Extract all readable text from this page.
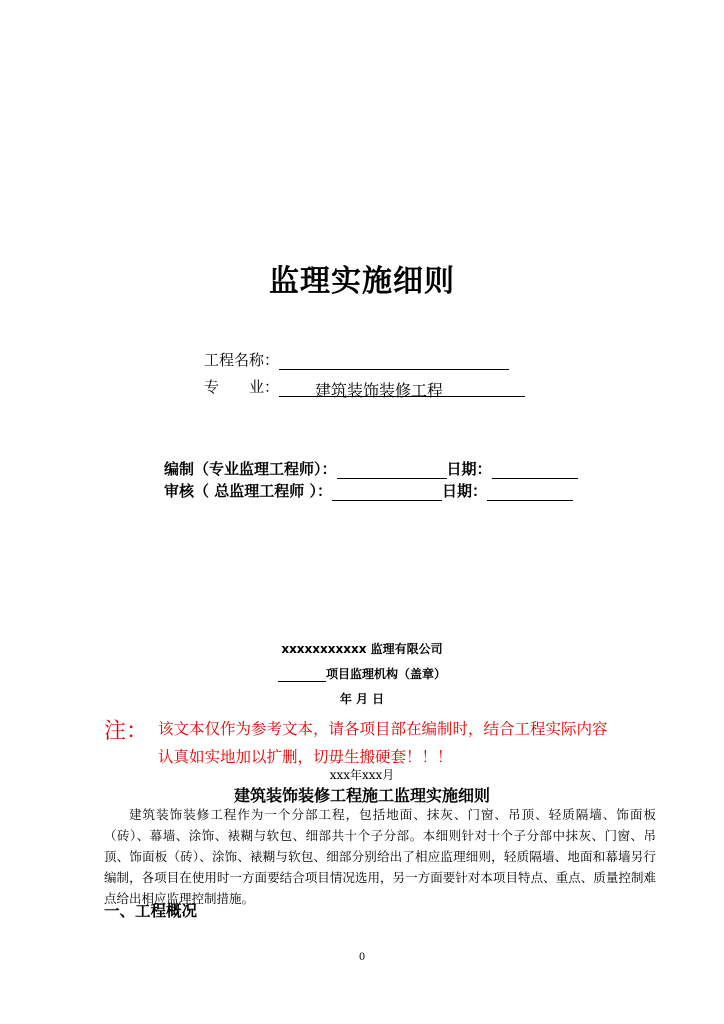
监理实施细则
工程名称：
专　　业： 建筑装饰装修工程
编制（专业监理工程师）：	日期：
审核（ 总监理工程师 ）：	日期：
xxxxxxxxxxx 监理有限公司
项目监理机构（盖章）
年 月 日
注： 该文本仅作为参考文本，请各项目部在编制时，结合工程实际内容
认真如实地加以扩删，切毋生搬硬套！！！
xxx年xxx月
建筑装饰装修工程施工监理实施细则
建筑装饰装修工程作为一个分部工程，包括地面、抹灰、门窗、吊顶、轻质隔墙、饰面板（砖）、幕墙、涂饰、裱糊与软包、细部共十个子分部。本细则针对十个子分部中抹灰、门窗、吊顶、饰面板（砖）、涂饰、裱糊与软包、细部分别给出了相应监理细则，轻质隔墙、地面和幕墙另行编制，各项目在使用时一方面要结合项目情况选用，另一方面要针对本项目特点、重点、质量控制难点给出相应监理控制措施。
一、工程概况
0
